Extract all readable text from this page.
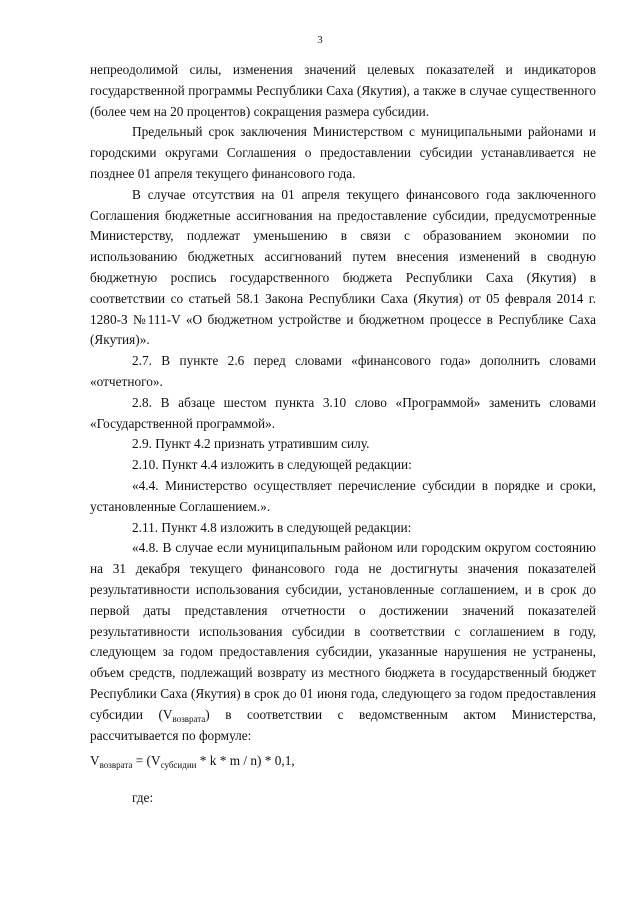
3

непреодолимой силы, изменения значений целевых показателей и индикаторов государственной программы Республики Саха (Якутия), а также в случае существенного (более чем на 20 процентов) сокращения размера субсидии.

Предельный срок заключения Министерством с муниципальными районами и городскими округами Соглашения о предоставлении субсидии устанавливается не позднее 01 апреля текущего финансового года.

В случае отсутствия на 01 апреля текущего финансового года заключенного Соглашения бюджетные ассигнования на предоставление субсидии, предусмотренные Министерству, подлежат уменьшению в связи с образованием экономии по использованию бюджетных ассигнований путем внесения изменений в сводную бюджетную роспись государственного бюджета Республики Саха (Якутия) в соответствии со статьей 58.1 Закона Республики Саха (Якутия) от 05 февраля 2014 г. 1280-З №111-V «О бюджетном устройстве и бюджетном процессе в Республике Саха (Якутия)».

2.7. В пункте 2.6 перед словами «финансового года» дополнить словами «отчетного».

2.8. В абзаце шестом пункта 3.10 слово «Программой» заменить словами «Государственной программой».

2.9. Пункт 4.2 признать утратившим силу.

2.10. Пункт 4.4 изложить в следующей редакции:

«4.4. Министерство осуществляет перечисление субсидии в порядке и сроки, установленные Соглашением.».

2.11. Пункт 4.8 изложить в следующей редакции:

«4.8. В случае если муниципальным районом или городским округом состоянию на 31 декабря текущего финансового года не достигнуты значения показателей результативности использования субсидии, установленные соглашением, и в срок до первой даты представления отчетности о достижении значений показателей результативности использования субсидии в соответствии с соглашением в году, следующем за годом предоставления субсидии, указанные нарушения не устранены, объем средств, подлежащий возврату из местного бюджета в государственный бюджет Республики Саха (Якутия) в срок до 01 июня года, следующего за годом предоставления субсидии $(V_{возврата})$ в соответствии с ведомственным актом Министерства, рассчитывается по формуле:

$V_{возврата} = (V_{субсидии} * k * m / n) * 0,1$,

где:
